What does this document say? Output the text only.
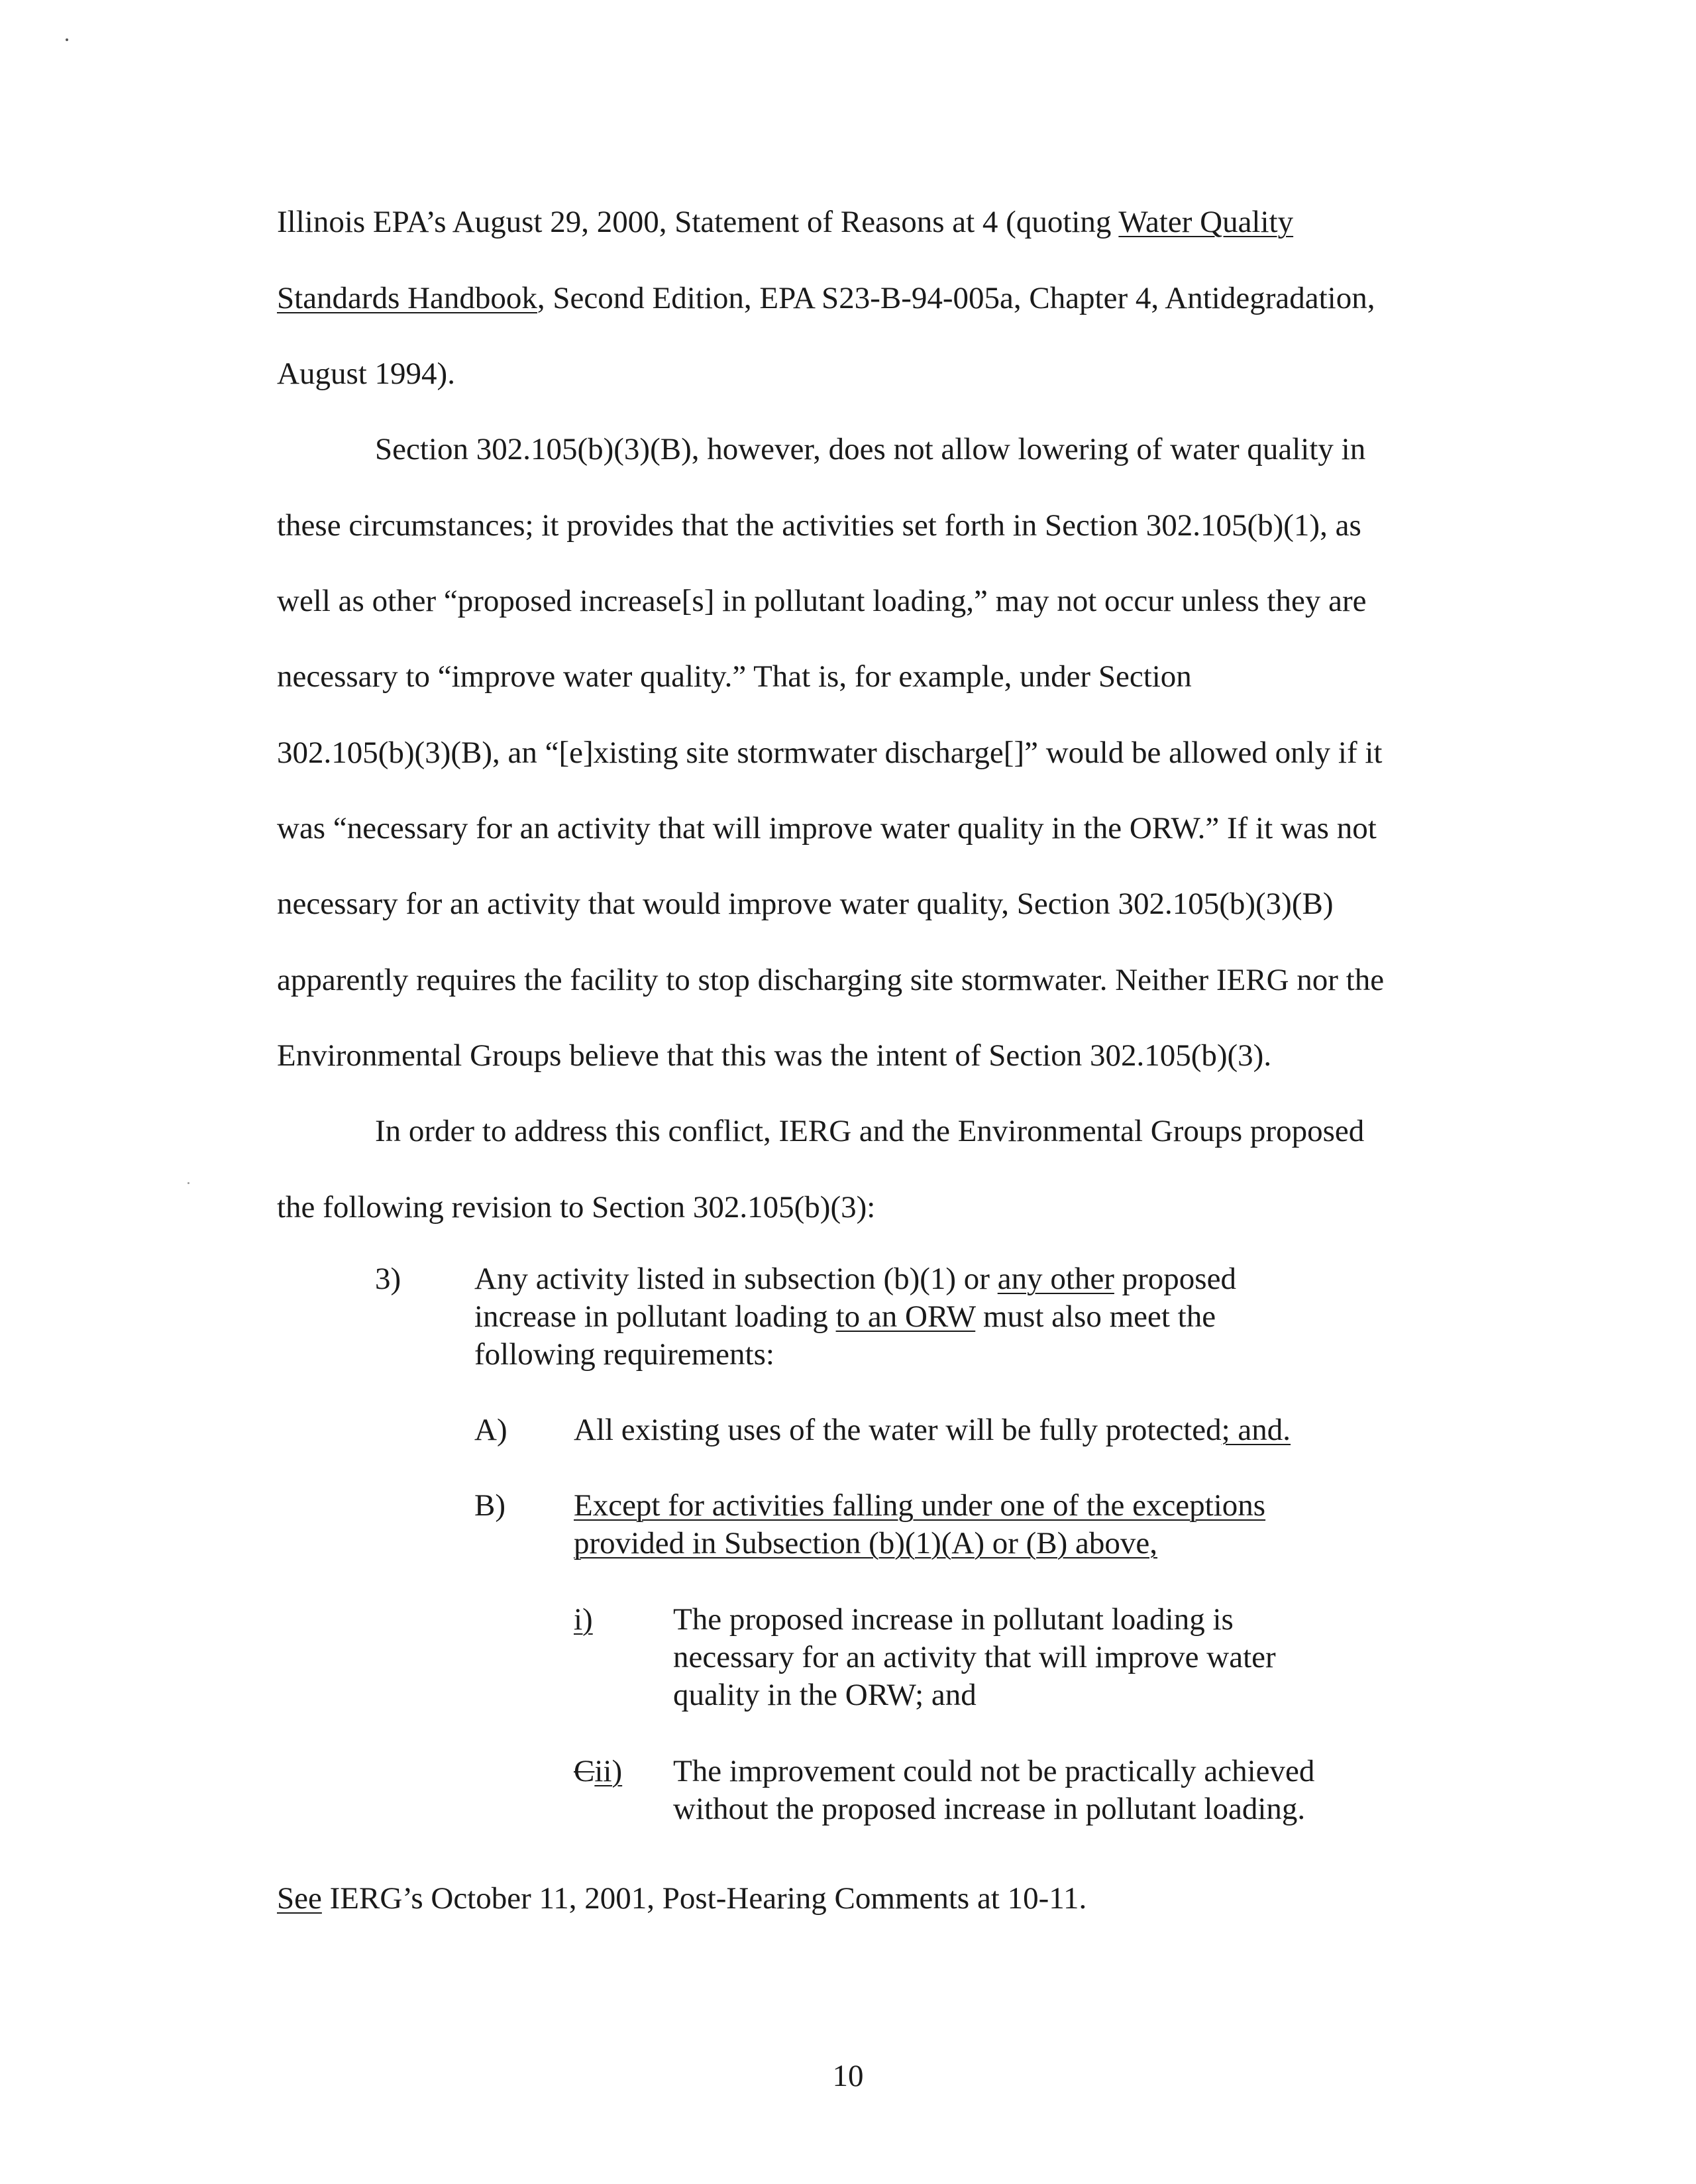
Illinois EPA’s August 29, 2000, Statement of Reasons at 4 (quoting Water Quality
Standards Handbook, Second Edition, EPA S23-B-94-005a, Chapter 4, Antidegradation,
August 1994).
Section 302.105(b)(3)(B), however, does not allow lowering of water quality in
these circumstances; it provides that the activities set forth in Section 302.105(b)(1), as
well as other “proposed increase[s] in pollutant loading,” may not occur unless they are
necessary to “improve water quality.” That is, for example, under Section
302.105(b)(3)(B), an “[e]xisting site stormwater discharge[]” would be allowed only if it
was “necessary for an activity that will improve water quality in the ORW.” If it was not
necessary for an activity that would improve water quality, Section 302.105(b)(3)(B)
apparently requires the facility to stop discharging site stormwater. Neither IERG nor the
Environmental Groups believe that this was the intent of Section 302.105(b)(3).
In order to address this conflict, IERG and the Environmental Groups proposed
the following revision to Section 302.105(b)(3):
3) Any activity listed in subsection (b)(1) or any other proposed
increase in pollutant loading to an ORW must also meet the
following requirements:
A) All existing uses of the water will be fully protected; and.
B) Except for activities falling under one of the exceptions
provided in Subsection (b)(1)(A) or (B) above,
i)	The proposed increase in pollutant loading is
necessary for an activity that will improve water
quality in the ORW; and
Cii) The improvement could not be practically achieved
without the proposed increase in pollutant loading.
See IERG’s October 11, 2001, Post-Hearing Comments at 10-11.
10
